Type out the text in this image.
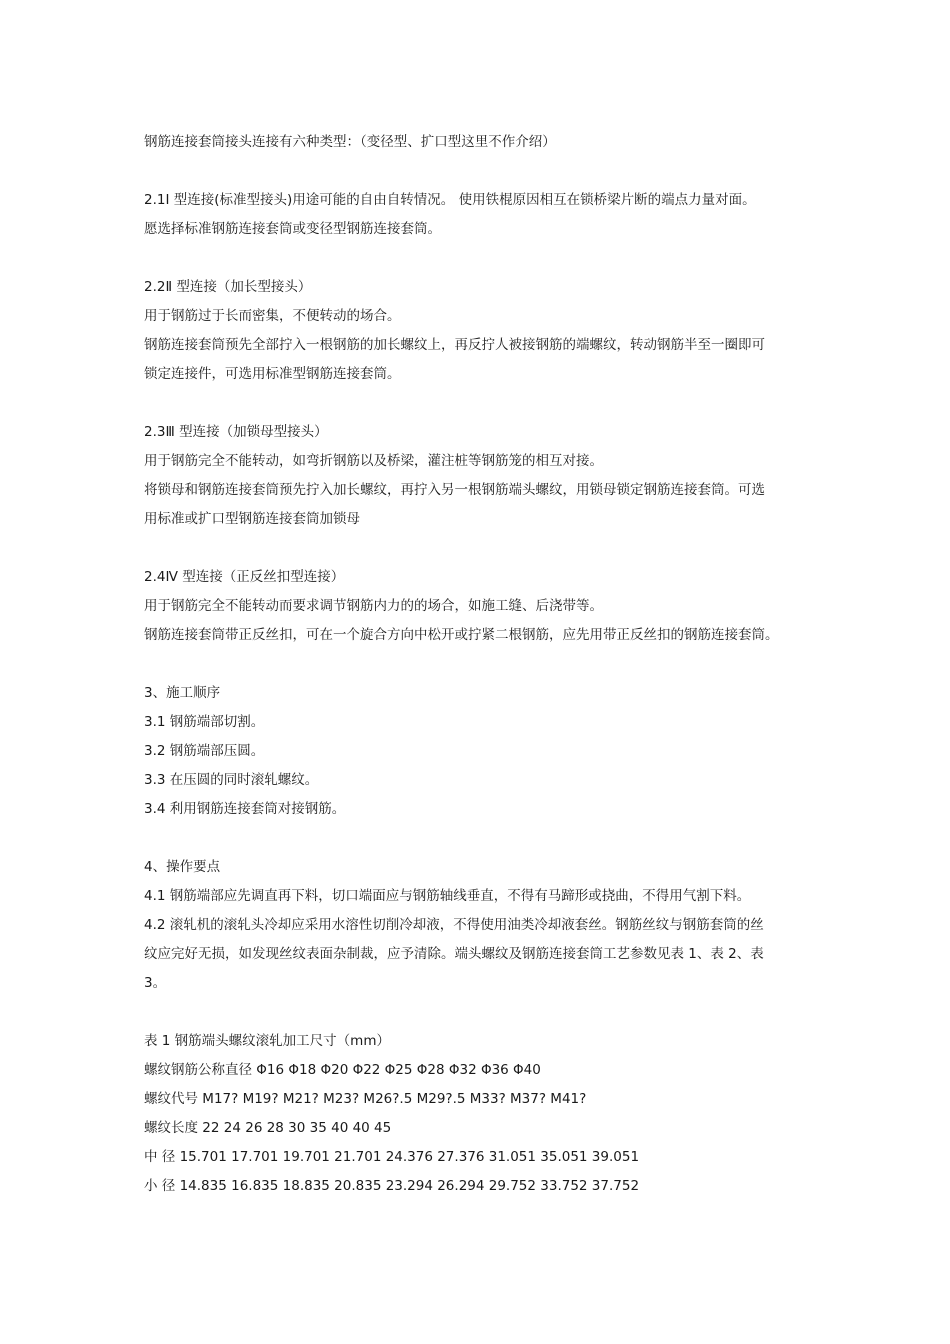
钢筋连接套筒接头连接有六种类型：（变径型、扩口型这里不作介绍）
2.1Ⅰ 型连接(标准型接头)用途可能的自由自转情况。 使用铁棍原因相互在锁桥梁片断的端点力量对面。
愿选择标准钢筋连接套筒或变径型钢筋连接套筒。
2.2Ⅱ 型连接（加长型接头）
用于钢筋过于长而密集，不便转动的场合。
钢筋连接套筒预先全部拧入一根钢筋的加长螺纹上，再反拧人被接钢筋的端螺纹，转动钢筋半至一圈即可
锁定连接件，可选用标准型钢筋连接套筒。
2.3Ⅲ 型连接（加锁母型接头）
用于钢筋完全不能转动，如弯折钢筋以及桥梁，灌注桩等钢筋笼的相互对接。
将锁母和钢筋连接套筒预先拧入加长螺纹，再拧入另一根钢筋端头螺纹，用锁母锁定钢筋连接套筒。可选
用标准或扩口型钢筋连接套筒加锁母
2.4Ⅳ 型连接（正反丝扣型连接）
用于钢筋完全不能转动而要求调节钢筋内力的的场合，如施工缝、后浇带等。
钢筋连接套筒带正反丝扣，可在一个旋合方向中松开或拧紧二根钢筋，应先用带正反丝扣的钢筋连接套筒。
3、施工顺序
3.1 钢筋端部切割。
3.2 钢筋端部压圆。
3.3 在压圆的同时滚轧螺纹。
3.4 利用钢筋连接套筒对接钢筋。
4、操作要点
4.1 钢筋端部应先调直再下料，切口端面应与钢筋轴线垂直，不得有马蹄形或挠曲，不得用气割下料。
4.2 滚轧机的滚轧头冷却应采用水溶性切削冷却液，不得使用油类冷却液套丝。钢筋丝纹与钢筋套筒的丝
纹应完好无损，如发现丝纹表面杂制裁，应予清除。端头螺纹及钢筋连接套筒工艺参数见表 1、表 2、表
3。
表 1 钢筋端头螺纹滚轧加工尺寸（mm）
螺纹钢筋公称直径 Φ16 Φ18 Φ20 Φ22 Φ25 Φ28 Φ32 Φ36 Φ40
螺纹代号 M17? M19? M21? M23? M26?.5 M29?.5 M33? M37? M41?
螺纹长度 22 24 26 28 30 35 40 40 45
中 径 15.701 17.701 19.701 21.701 24.376 27.376 31.051 35.051 39.051
小 径 14.835 16.835 18.835 20.835 23.294 26.294 29.752 33.752 37.752
